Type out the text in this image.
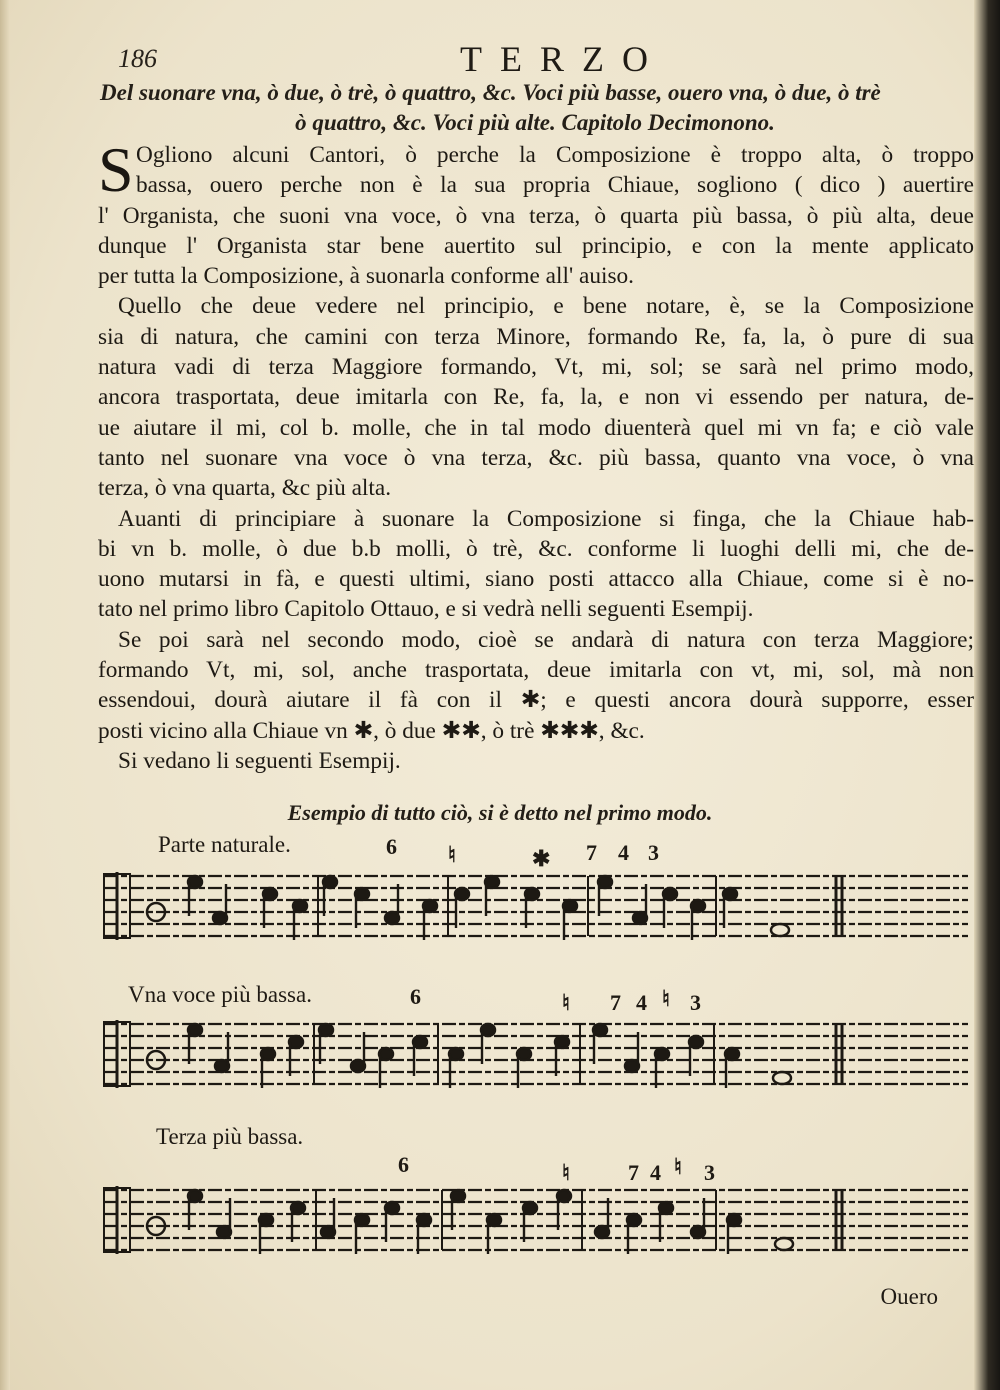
186	TERZO
Del suonare vna, ò due, ò trè, ò quattro, &c. Voci più basse, ouero vna, ò due, ò trè
ò quattro, &c. Voci più alte. Capitolo Decimonono.
S Ogliono alcuni Cantori, ò perche la Composizione è troppo alta, ò troppo
bassa, ouero perche non è la sua propria Chiaue, sogliono ( dico ) auertire
l' Organista, che suoni vna voce, ò vna terza, ò quarta più bassa, ò più alta, deue
dunque l' Organista star bene auertito sul principio, e con la mente applicato
per tutta la Composizione, à suonarla conforme all' auiso.
Quello che deue vedere nel principio, e bene notare, è, se la Composizione
sia di natura, che camini con terza Minore, formando Re, fa, la, ò pure di sua
natura vadi di terza Maggiore formando, Vt, mi, sol; se sarà nel primo modo,
ancora trasportata, deue imitarla con Re, fa, la, e non vi essendo per natura, de-
ue aiutare il mi, col b. molle, che in tal modo diuenterà quel mi vn fa; e ciò vale
tanto nel suonare vna voce ò vna terza, &c. più bassa, quanto vna voce, ò vna
terza, ò vna quarta, &c più alta.
Auanti di principiare à suonare la Composizione si finga, che la Chiaue hab-
bi vn b. molle, ò due b.b molli, ò trè, &c. conforme li luoghi delli mi, che de-
uono mutarsi in fà, e questi ultimi, siano posti attacco alla Chiaue, come si è no-
tato nel primo libro Capitolo Ottauo, e si vedrà nelli seguenti Esempij.
Se poi sarà nel secondo modo, cioè se andarà di natura con terza Maggiore;
formando Vt, mi, sol, anche trasportata, deue imitarla con vt, mi, sol, mà non
essendoui, dourà aiutare il fà con il ✱; e questi ancora dourà supporre, esser
posti vicino alla Chiaue vn ✱, ò due ✱✱, ò trè ✱✱✱, &c.
Si vedano li seguenti Esempij.
Esempio di tutto ciò, si è detto nel primo modo.
Parte naturale.	6 ♮	✱ 7 4 3
Vna voce più bassa.	6	♮ 7 4 ♮ 3
Terza più bassa.
6	♮	7 4 ♮ 3
Ouero
